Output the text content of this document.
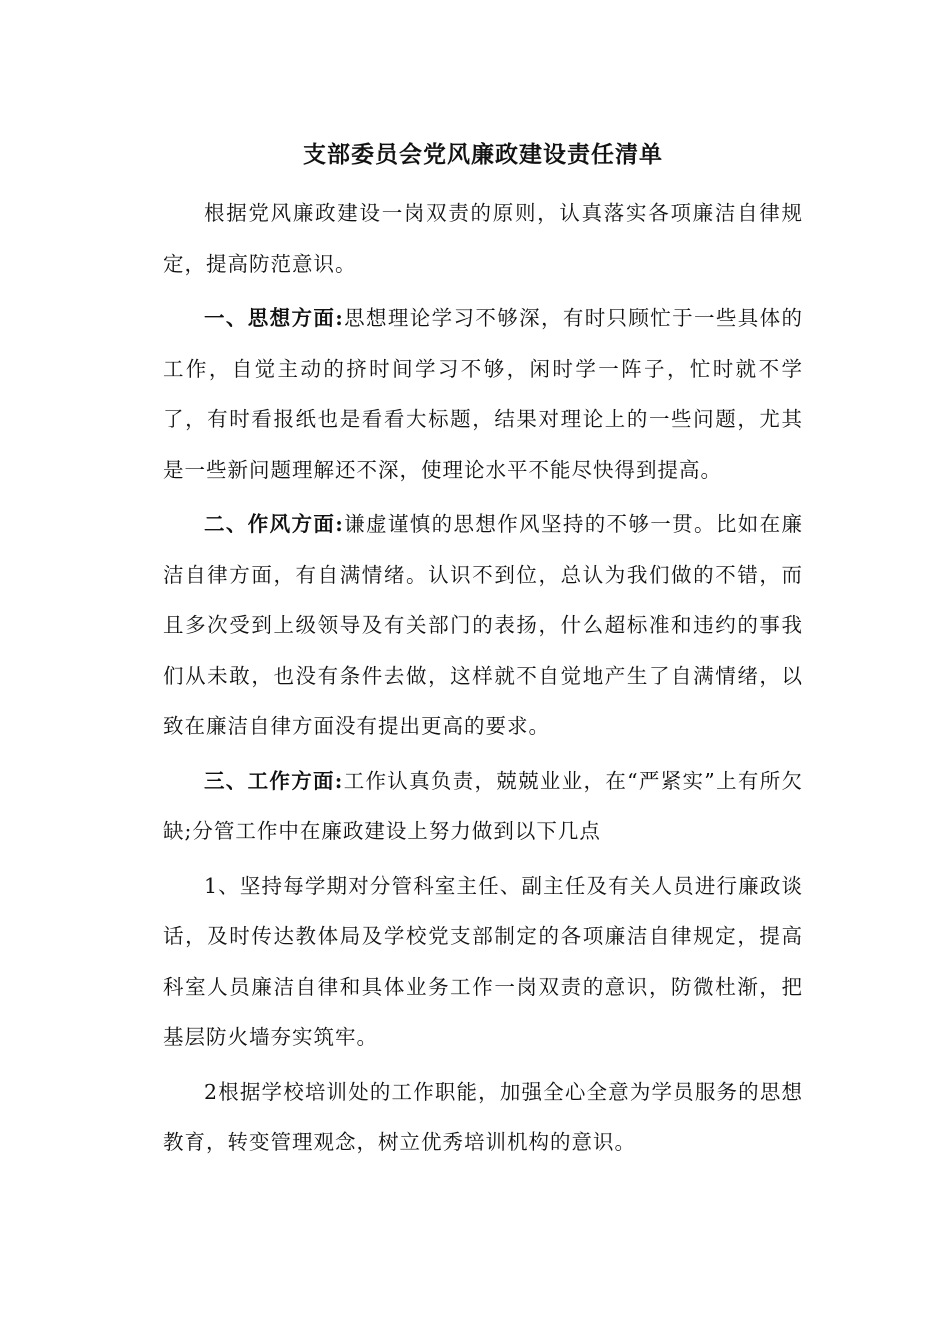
支部委员会党风廉政建设责任清单

根据党风廉政建设一岗双责的原则，认真落实各项廉洁自律规定，提高防范意识。

一、思想方面:思想理论学习不够深，有时只顾忙于一些具体的工作，自觉主动的挤时间学习不够，闲时学一阵子，忙时就不学了，有时看报纸也是看看大标题，结果对理论上的一些问题，尤其是一些新问题理解还不深，使理论水平不能尽快得到提高。

二、作风方面:谦虚谨慎的思想作风坚持的不够一贯。比如在廉洁自律方面，有自满情绪。认识不到位，总认为我们做的不错，而且多次受到上级领导及有关部门的表扬，什么超标准和违约的事我们从未敢，也没有条件去做，这样就不自觉地产生了自满情绪，以致在廉洁自律方面没有提出更高的要求。

三、工作方面:工作认真负责，兢兢业业，在“严紧实”上有所欠缺;分管工作中在廉政建设上努力做到以下几点

1、坚持每学期对分管科室主任、副主任及有关人员进行廉政谈话，及时传达教体局及学校党支部制定的各项廉洁自律规定，提高科室人员廉洁自律和具体业务工作一岗双责的意识，防微杜渐，把基层防火墙夯实筑牢。

2根据学校培训处的工作职能，加强全心全意为学员服务的思想教育，转变管理观念，树立优秀培训机构的意识。
